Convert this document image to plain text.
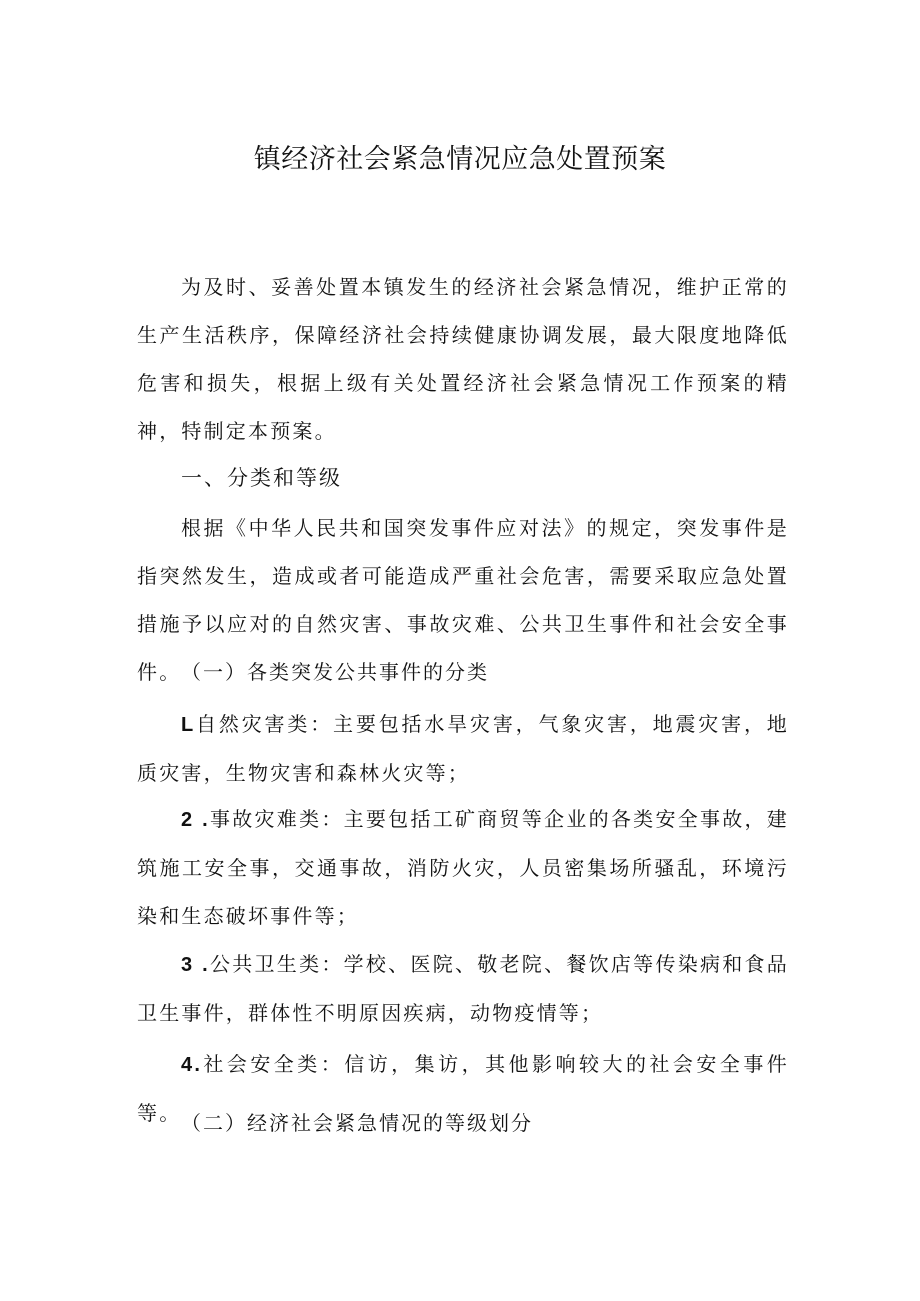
镇经济社会紧急情况应急处置预案

为及时、妥善处置本镇发生的经济社会紧急情况，维护正常的生产生活秩序，保障经济社会持续健康协调发展，最大限度地降低危害和损失，根据上级有关处置经济社会紧急情况工作预案的精神，特制定本预案。

一、分类和等级

根据《中华人民共和国突发事件应对法》的规定，突发事件是指突然发生，造成或者可能造成严重社会危害，需要采取应急处置措施予以应对的自然灾害、事故灾难、公共卫生事件和社会安全事件。 （一）各类突发公共事件的分类

L自然灾害类：主要包括水旱灾害，气象灾害，地震灾害，地质灾害，生物灾害和森林火灾等；

2 .事故灾难类：主要包括工矿商贸等企业的各类安全事故，建筑施工安全事，交通事故，消防火灾，人员密集场所骚乱，环境污染和生态破坏事件等；

3 .公共卫生类：学校、医院、敬老院、餐饮店等传染病和食品卫生事件，群体性不明原因疾病，动物疫情等；

4.社会安全类：信访，集访，其他影响较大的社会安全事件等。 （二）经济社会紧急情况的等级划分
